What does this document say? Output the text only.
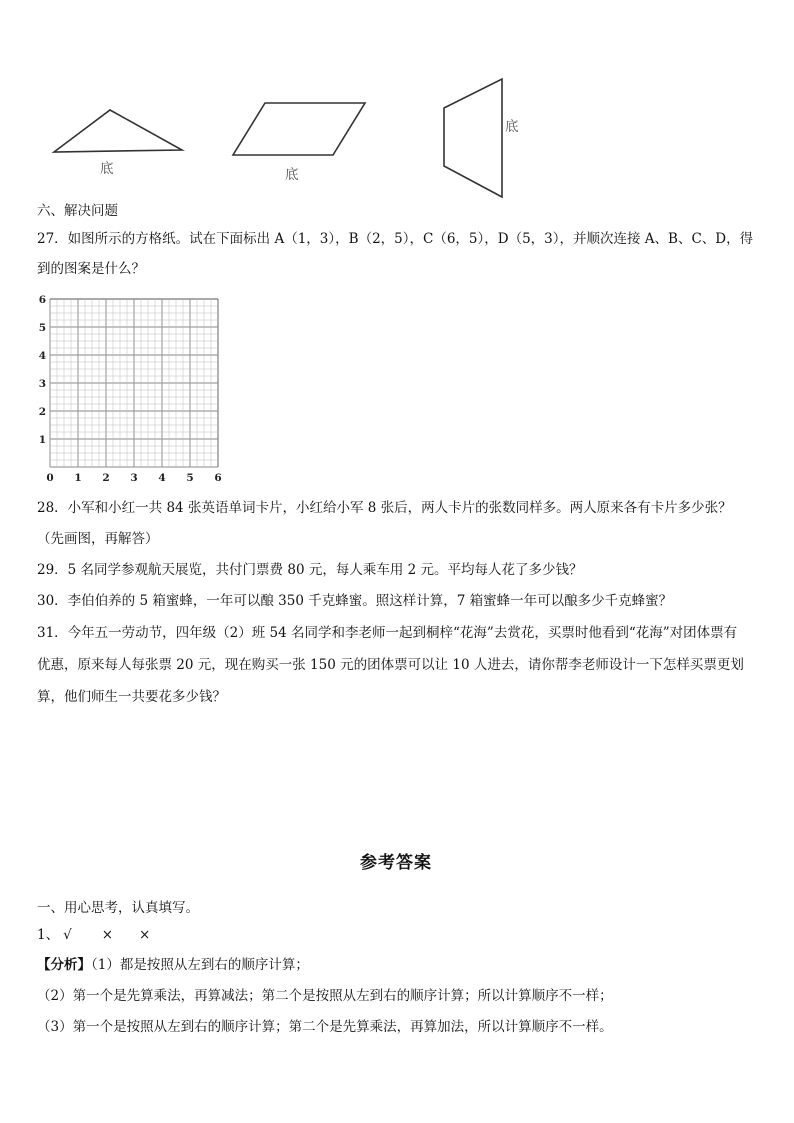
底	底
底
六、解决问题
27．如图所示的方格纸。试在下面标出 A（1，3），B（2，5），C（6，5），D（5，3），并顺次连接 A、B、C、D，得
到的图案是什么？
0 1 2 3 4 5 6
1
2
3
4
5
6
28．小军和小红一共 84 张英语单词卡片，小红给小军 8 张后，两人卡片的张数同样多。两人原来各有卡片多少张？
（先画图，再解答）
29．5 名同学参观航天展览，共付门票费 80 元，每人乘车用 2 元。平均每人花了多少钱？
30．李伯伯养的 5 箱蜜蜂，一年可以酿 350 千克蜂蜜。照这样计算，7 箱蜜蜂一年可以酿多少千克蜂蜜？
31．今年五一劳动节，四年级（2）班 54 名同学和李老师一起到桐梓“花海”去赏花，买票时他看到“花海”对团体票有
优惠，原来每人每张票 20 元，现在购买一张 150 元的团体票可以让 10 人进去，请你帮李老师设计一下怎样买票更划
算，他们师生一共要花多少钱？
参考答案
一、用心思考，认真填写。
1、 √ × ×
【分析】（1）都是按照从左到右的顺序计算；
（2）第一个是先算乘法，再算减法；第二个是按照从左到右的顺序计算；所以计算顺序不一样；
（3）第一个是按照从左到右的顺序计算；第二个是先算乘法，再算加法，所以计算顺序不一样。
